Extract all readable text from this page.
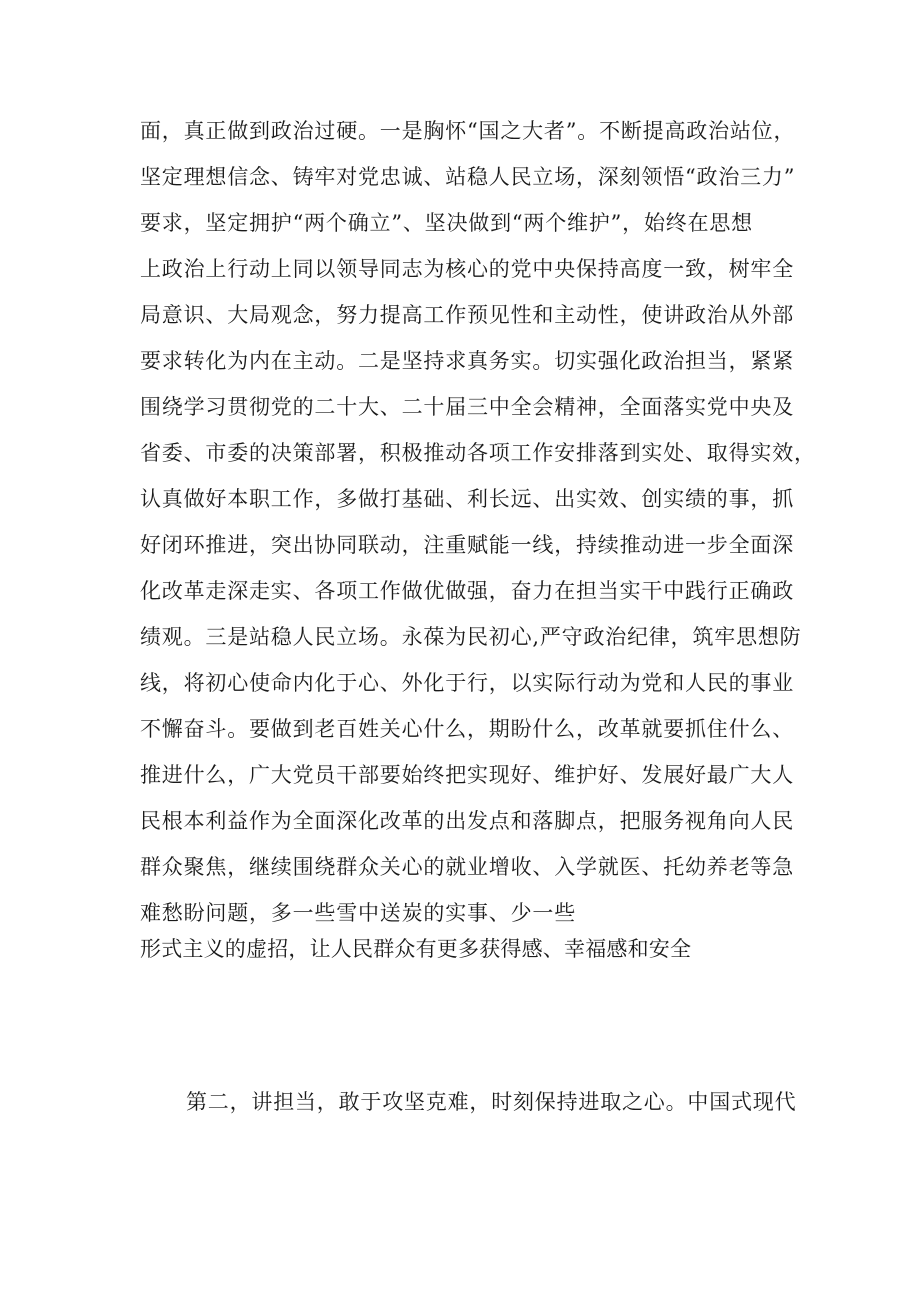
面，真正做到政治过硬。一是胸怀“国之大者”。不断提高政治站位，
坚定理想信念、铸牢对党忠诚、站稳人民立场，深刻领悟“政治三力”
要求，坚定拥护“两个确立”、坚决做到“两个维护”，始终在思想
上政治上行动上同以领导同志为核心的党中央保持高度一致，树牢全
局意识、大局观念，努力提高工作预见性和主动性，使讲政治从外部
要求转化为内在主动。二是坚持求真务实。切实强化政治担当，紧紧
围绕学习贯彻党的二十大、二十届三中全会精神，全面落实党中央及
省委、市委的决策部署，积极推动各项工作安排落到实处、取得实效，
认真做好本职工作，多做打基础、利长远、出实效、创实绩的事，抓
好闭环推进，突出协同联动，注重赋能一线，持续推动进一步全面深
化改革走深走实、各项工作做优做强，奋力在担当实干中践行正确政
绩观。三是站稳人民立场。永葆为民初心,严守政治纪律，筑牢思想防
线，将初心使命内化于心、外化于行，以实际行动为党和人民的事业
不懈奋斗。要做到老百姓关心什么，期盼什么，改革就要抓住什么、
推进什么，广大党员干部要始终把实现好、维护好、发展好最广大人
民根本利益作为全面深化改革的出发点和落脚点，把服务视角向人民
群众聚焦，继续围绕群众关心的就业增收、入学就医、托幼养老等急
难愁盼问题，多一些雪中送炭的实事、少一些
形式主义的虚招，让人民群众有更多获得感、幸福感和安全
第二，讲担当，敢于攻坚克难，时刻保持进取之心。中国式现代
